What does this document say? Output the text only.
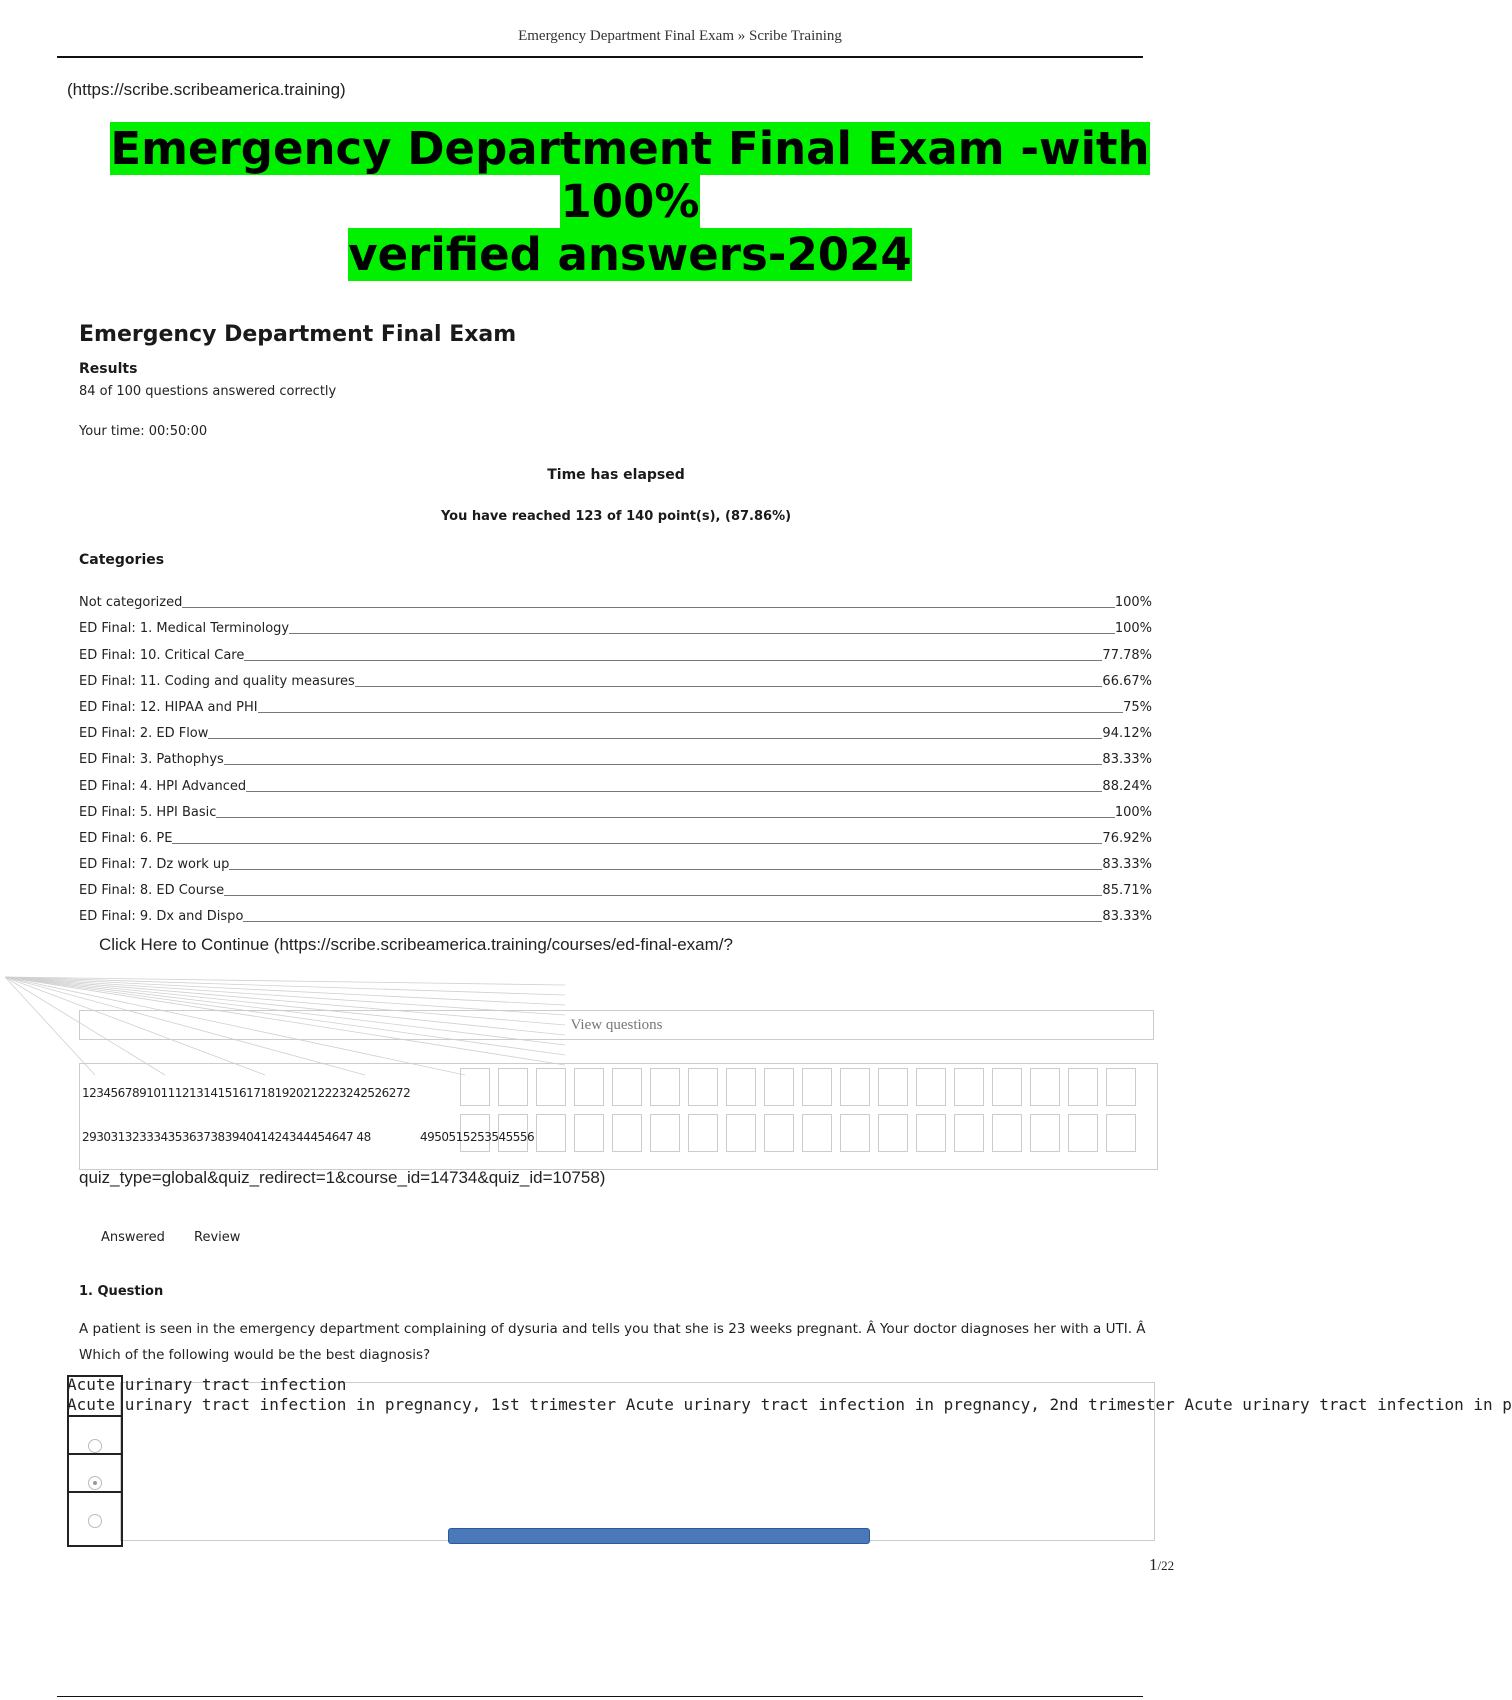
Emergency Department Final Exam » Scribe Training
(https://scribe.scribeamerica.training)
Emergency Department Final Exam -with 100%
verified answers-2024
Emergency Department Final Exam
Results
84 of 100 questions answered correctly
Your time: 00:50:00
Time has elapsed
You have reached 123 of 140 point(s), (87.86%)
Categories
Not categorized	100%
ED Final: 1. Medical Terminology	100%
ED Final: 10. Critical Care	77.78%
ED Final: 11. Coding and quality measures	66.67%
ED Final: 12. HIPAA and PHI	75%
ED Final: 2. ED Flow	94.12%
ED Final: 3. Pathophys	83.33%
ED Final: 4. HPI Advanced	88.24%
ED Final: 5. HPI Basic	100%
ED Final: 6. PE	76.92%
ED Final: 7. Dz work up	83.33%
ED Final: 8. ED Course	85.71%
ED Final: 9. Dx and Dispo	83.33%
Click Here to Continue (https://scribe.scribeamerica.training/courses/ed-final-exam/?
View questions
1234567891011121314151617181920212223242526272
29303132333435363738394041424344454647 48	4950515253545556
quiz_type=global&quiz_redirect=1&course_id=14734&quiz_id=10758)
Answered Review
1. Question
A patient is seen in the emergency department complaining of dysuria and tells you that she is 23 weeks pregnant. Â Your doctor diagnoses her with a UTI. Â Which of the following would be the best diagnosis?
Acute urinary tract infection
Acute urinary tract infection in pregnancy, 1st trimester Acute urinary tract infection in pregnancy, 2nd trimester Acute urinary tract infection in p
1/22
